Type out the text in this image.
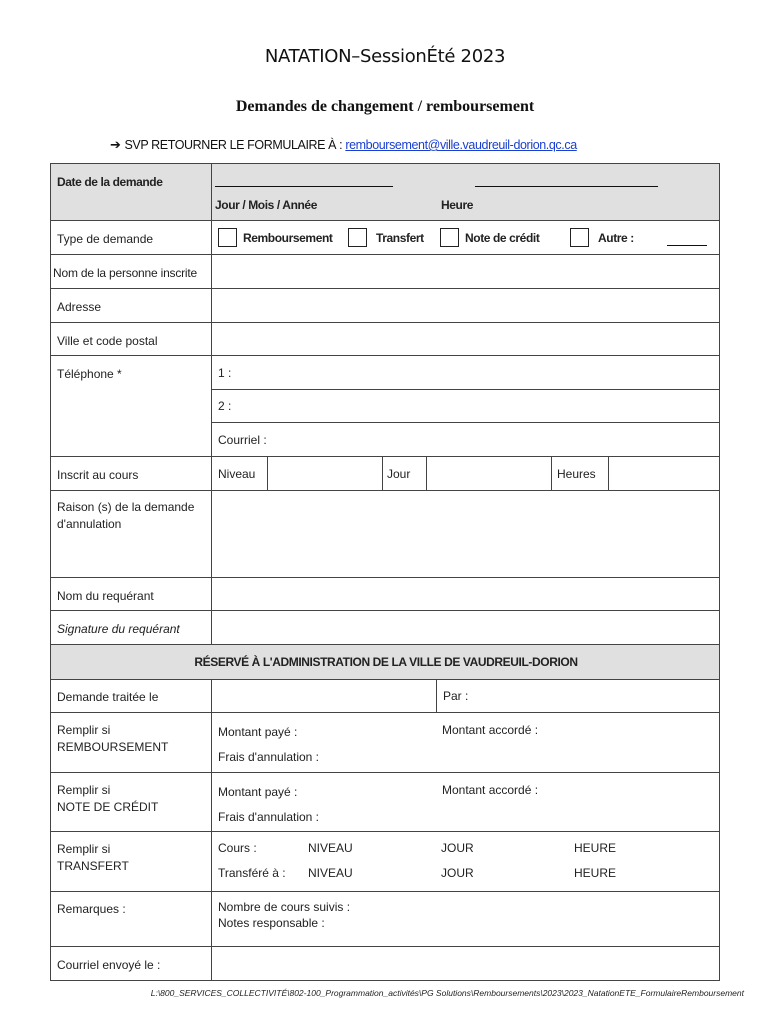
NATATION–SessionÉté 2023
Demandes de changement / remboursement
➔ SVP RETOURNER LE FORMULAIRE À : remboursement@ville.vaudreuil-dorion.qc.ca
Date de la demande
Jour / Mois / Année	Heure
Type de demande	Remboursement	Transfert	Note de crédit	Autre :
Nom de la personne inscrite
Adresse
Ville et code postal
Téléphone *	1 :
2 :
Courriel :
Inscrit au cours	Niveau	Jour	Heures
Raison (s) de la demande d'annulation
Nom du requérant
Signature du requérant
RÉSERVÉ À L'ADMINISTRATION DE LA VILLE DE VAUDREUIL-DORION
Demande traitée le	Par :
Remplir si
REMBOURSEMENT
Montant payé :	Montant accordé :
Frais d'annulation :
Remplir si
NOTE DE CRÉDIT
Montant payé :	Montant accordé :
Frais d'annulation :
Remplir si
TRANSFERT
Cours :	NIVEAU	JOUR	HEURE
Transféré à : NIVEAU	JOUR	HEURE
Remarques :	Nombre de cours suivis :
Notes responsable :
Courriel envoyé le :
L:\800_SERVICES_COLLECTIVITÉ\802-100_Programmation_activités\PG Solutions\Remboursements\2023\2023_NatationETE_FormulaireRemboursement
